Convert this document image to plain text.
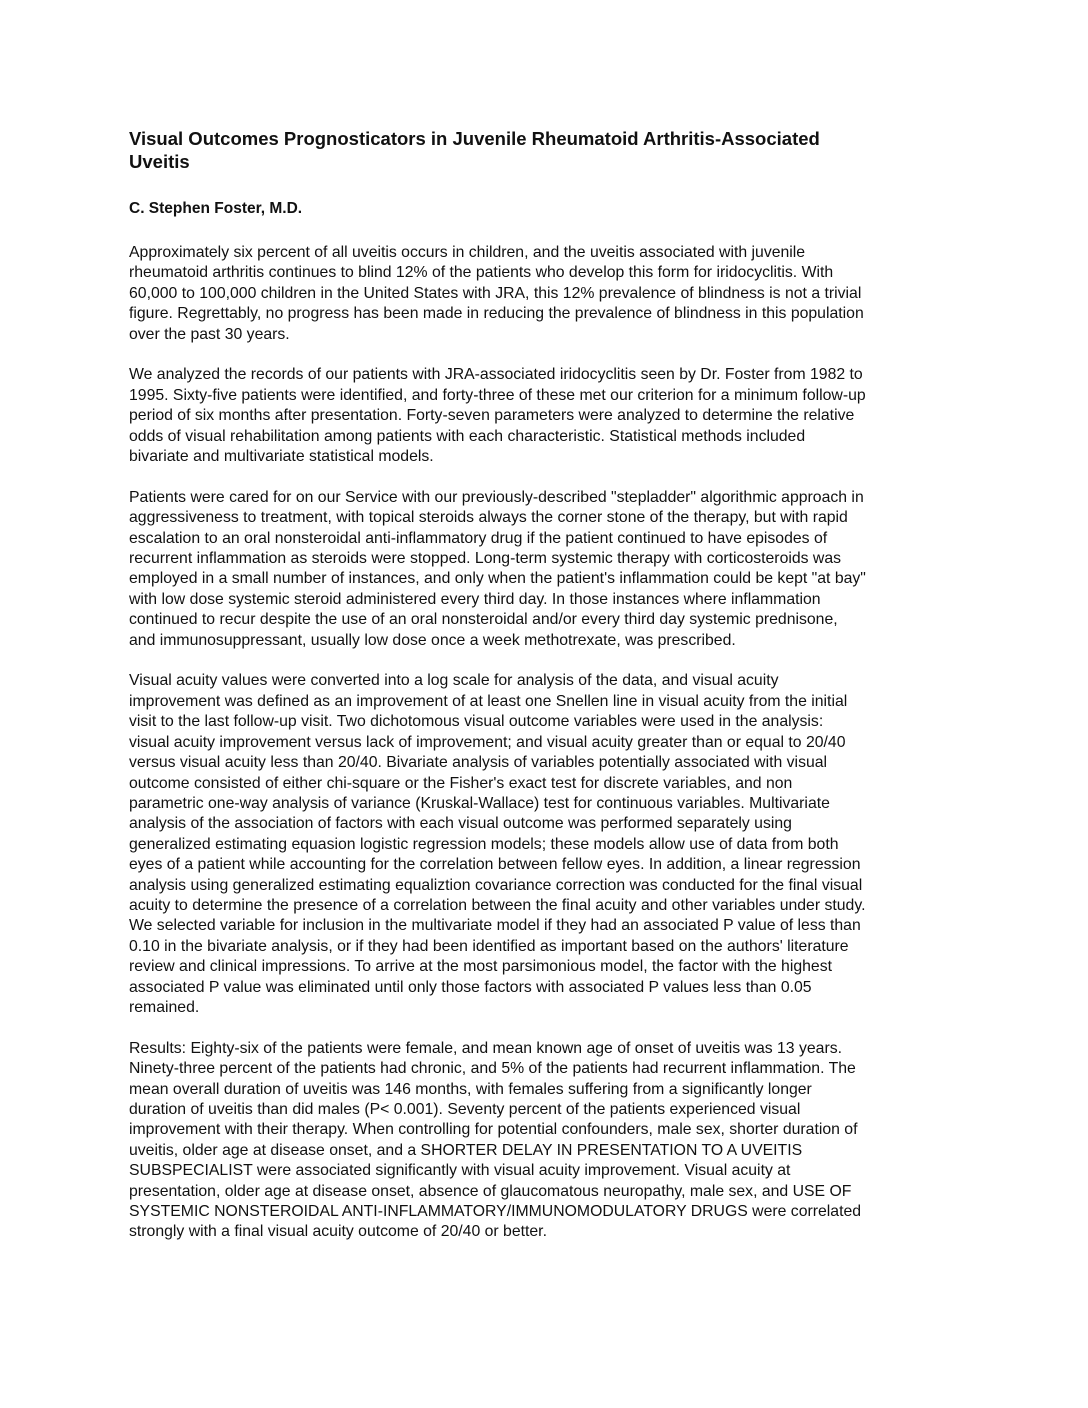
Visual Outcomes Prognosticators in Juvenile Rheumatoid Arthritis-Associated
Uveitis

C. Stephen Foster, M.D.

Approximately six percent of all uveitis occurs in children, and the uveitis associated with juvenile
rheumatoid arthritis continues to blind 12% of the patients who develop this form for iridocyclitis. With
60,000 to 100,000 children in the United States with JRA, this 12% prevalence of blindness is not a trivial
figure. Regrettably, no progress has been made in reducing the prevalence of blindness in this population
over the past 30 years.

We analyzed the records of our patients with JRA-associated iridocyclitis seen by Dr. Foster from 1982 to
1995. Sixty-five patients were identified, and forty-three of these met our criterion for a minimum follow-up
period of six months after presentation. Forty-seven parameters were analyzed to determine the relative
odds of visual rehabilitation among patients with each characteristic. Statistical methods included
bivariate and multivariate statistical models.

Patients were cared for on our Service with our previously-described "stepladder" algorithmic approach in
aggressiveness to treatment, with topical steroids always the corner stone of the therapy, but with rapid
escalation to an oral nonsteroidal anti-inflammatory drug if the patient continued to have episodes of
recurrent inflammation as steroids were stopped. Long-term systemic therapy with corticosteroids was
employed in a small number of instances, and only when the patient's inflammation could be kept "at bay"
with low dose systemic steroid administered every third day. In those instances where inflammation
continued to recur despite the use of an oral nonsteroidal and/or every third day systemic prednisone,
and immunosuppressant, usually low dose once a week methotrexate, was prescribed.

Visual acuity values were converted into a log scale for analysis of the data, and visual acuity
improvement was defined as an improvement of at least one Snellen line in visual acuity from the initial
visit to the last follow-up visit. Two dichotomous visual outcome variables were used in the analysis:
visual acuity improvement versus lack of improvement; and visual acuity greater than or equal to 20/40
versus visual acuity less than 20/40. Bivariate analysis of variables potentially associated with visual
outcome consisted of either chi-square or the Fisher's exact test for discrete variables, and non
parametric one-way analysis of variance (Kruskal-Wallace) test for continuous variables. Multivariate
analysis of the association of factors with each visual outcome was performed separately using
generalized estimating equasion logistic regression models; these models allow use of data from both
eyes of a patient while accounting for the correlation between fellow eyes. In addition, a linear regression
analysis using generalized estimating equaliztion covariance correction was conducted for the final visual
acuity to determine the presence of a correlation between the final acuity and other variables under study.
We selected variable for inclusion in the multivariate model if they had an associated P value of less than
0.10 in the bivariate analysis, or if they had been identified as important based on the authors' literature
review and clinical impressions. To arrive at the most parsimonious model, the factor with the highest
associated P value was eliminated until only those factors with associated P values less than 0.05
remained.

Results: Eighty-six of the patients were female, and mean known age of onset of uveitis was 13 years.
Ninety-three percent of the patients had chronic, and 5% of the patients had recurrent inflammation. The
mean overall duration of uveitis was 146 months, with females suffering from a significantly longer
duration of uveitis than did males (P< 0.001). Seventy percent of the patients experienced visual
improvement with their therapy. When controlling for potential confounders, male sex, shorter duration of
uveitis, older age at disease onset, and a SHORTER DELAY IN PRESENTATION TO A UVEITIS
SUBSPECIALIST were associated significantly with visual acuity improvement. Visual acuity at
presentation, older age at disease onset, absence of glaucomatous neuropathy, male sex, and USE OF
SYSTEMIC NONSTEROIDAL ANTI-INFLAMMATORY/IMMUNOMODULATORY DRUGS were correlated
strongly with a final visual acuity outcome of 20/40 or better.
